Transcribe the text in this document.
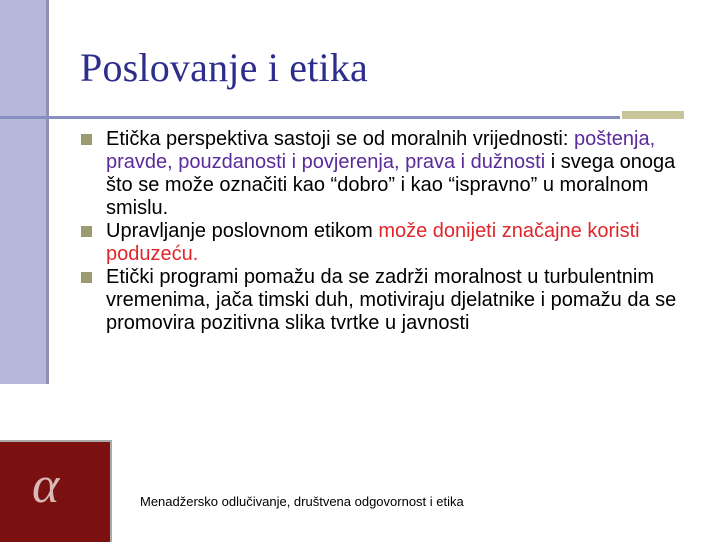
Poslovanje i etika
Etička perspektiva sastoji se od moralnih vrijednosti: poštenja, pravde, pouzdanosti i povjerenja, prava i dužnosti i svega onoga što se može označiti kao “dobro” i kao “ispravno” u moralnom smislu.
Upravljanje poslovnom etikom može donijeti značajne koristi poduzeću.
Etički programi pomažu da se zadrži moralnost u turbulentnim vremenima, jača timski duh, motiviraju djelatnike i pomažu da se promovira pozitivna slika tvrtke u javnosti
α	Menadžersko odlučivanje, društvena odgovornost i etika
